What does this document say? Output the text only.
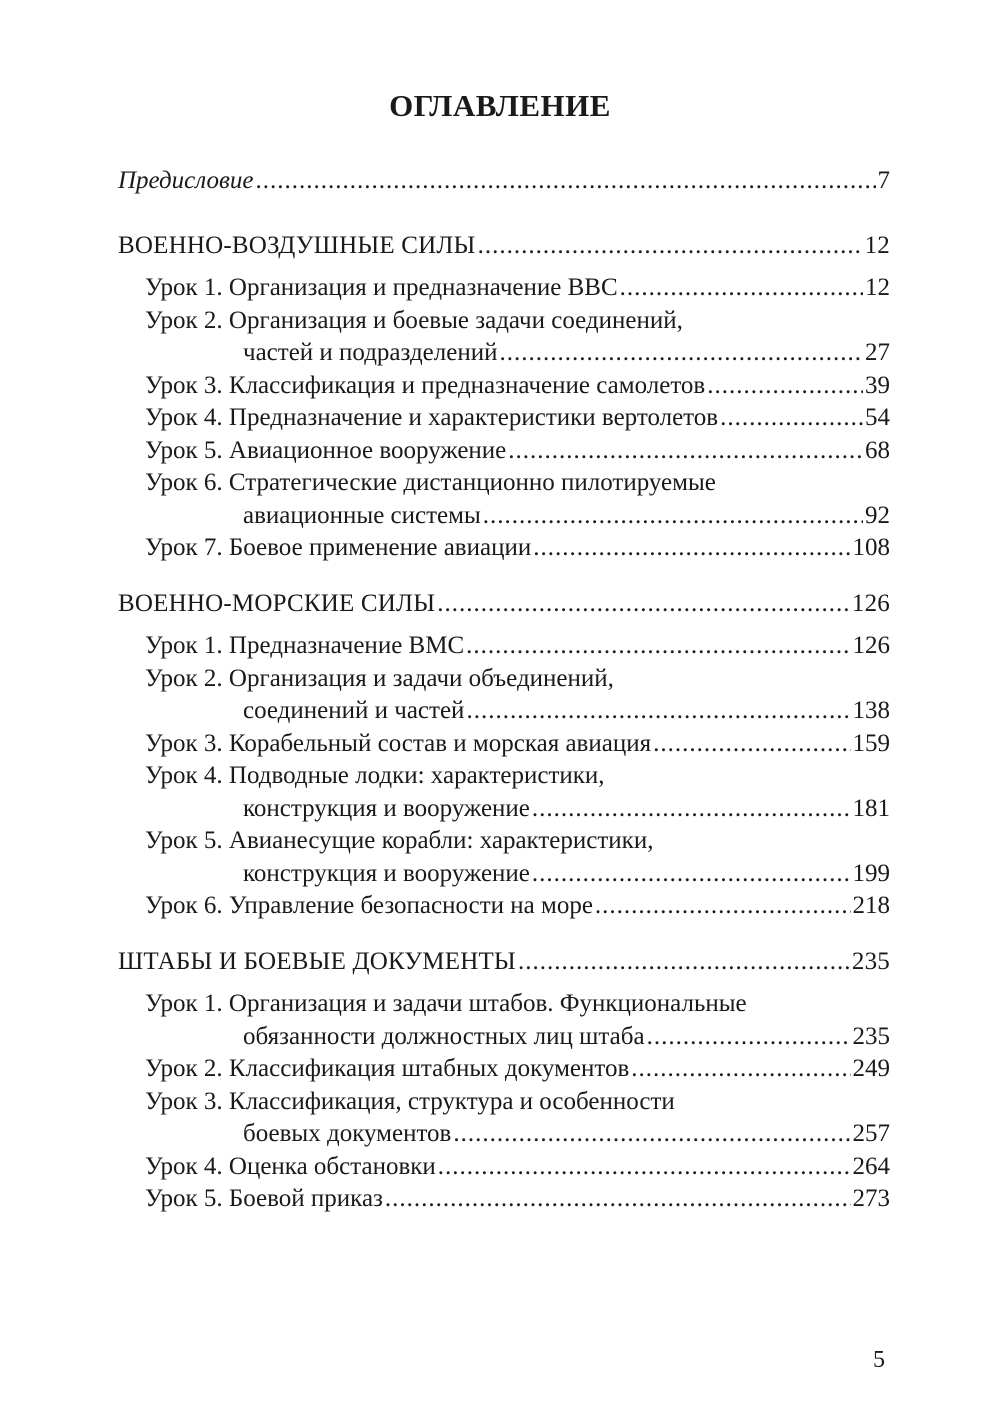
ОГЛАВЛЕНИЕ
Предисловие .....	7
ВОЕННО-ВОЗДУШНЫЕ СИЛЫ .....	12
Урок 1. Организация и предназначение ВВС .....	12
Урок 2. Организация и боевые задачи соединений,
частей и подразделений .....	27
Урок 3. Классификация и предназначение самолетов .....	39
Урок 4. Предназначение и характеристики вертолетов .....	54
Урок 5. Авиационное вооружение .....	68
Урок 6. Стратегические дистанционно пилотируемые
авиационные системы .....	92
Урок 7. Боевое применение авиации .....	108
ВОЕННО-МОРСКИЕ СИЛЫ .....	126
Урок 1. Предназначение ВМС .....	126
Урок 2. Организация и задачи объединений,
соединений и частей .....	138
Урок 3. Корабельный состав и морская авиация .....	159
Урок 4. Подводные лодки: характеристики,
конструкция и вооружение .....	181
Урок 5. Авианесущие корабли: характеристики,
конструкция и вооружение .....	199
Урок 6. Управление безопасности на море .....	218
ШТАБЫ И БОЕВЫЕ ДОКУМЕНТЫ .....	235
Урок 1. Организация и задачи штабов. Функциональные
обязанности должностных лиц штаба .....	235
Урок 2. Классификация штабных документов .....	249
Урок 3. Классификация, структура и особенности
боевых документов .....	257
Урок 4. Оценка обстановки .....	264
Урок 5. Боевой приказ .....	273
5
